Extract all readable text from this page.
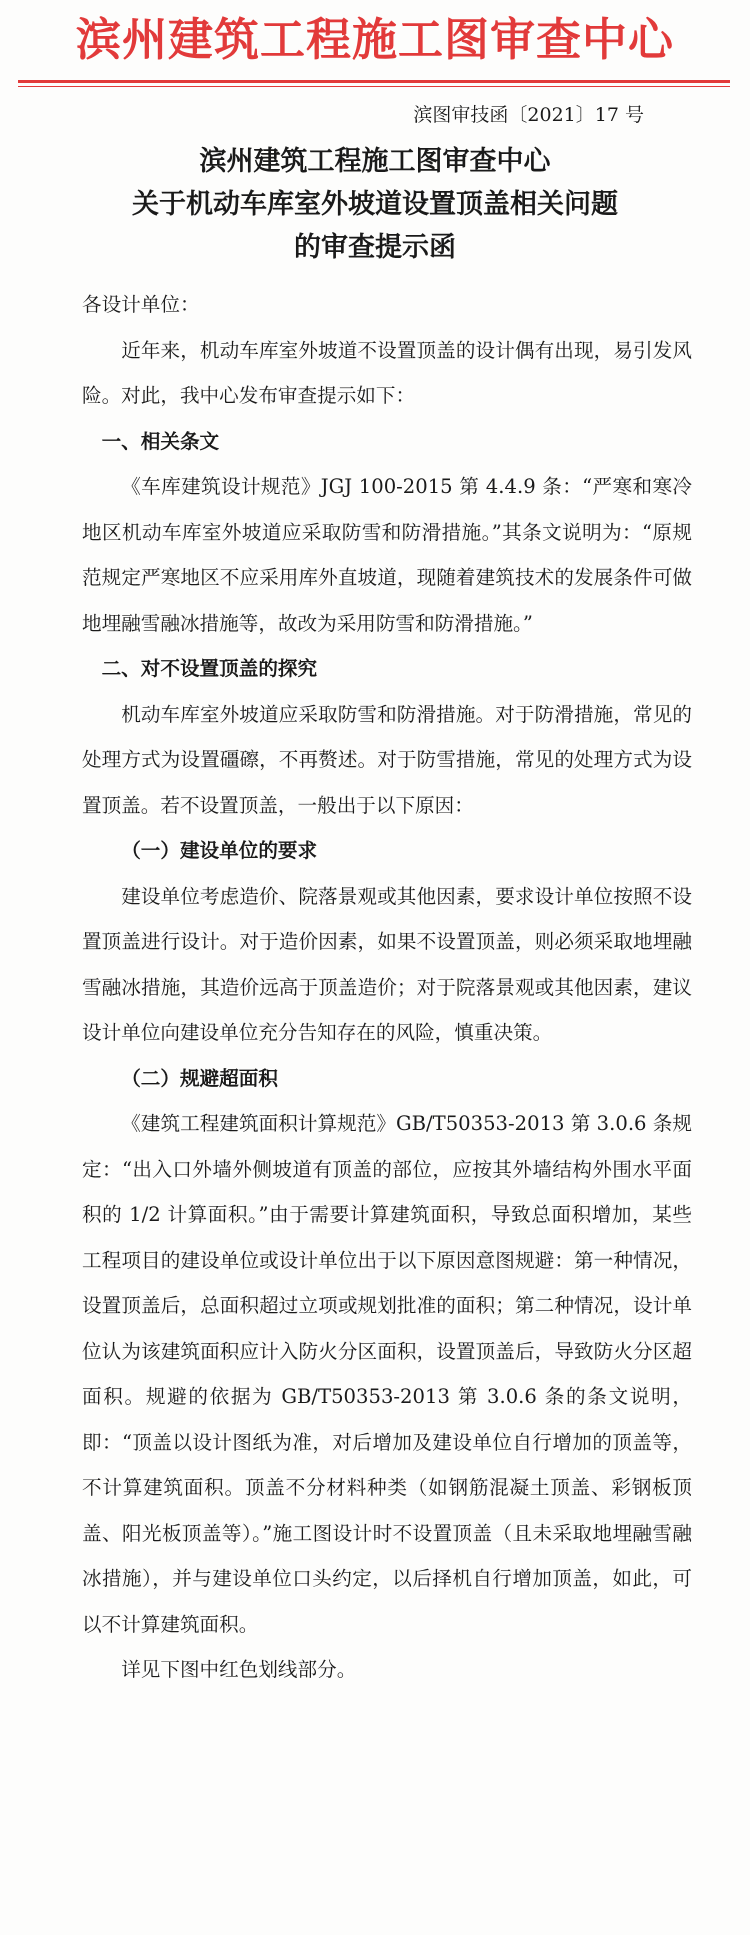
滨州建筑工程施工图审查中心
滨图审技函〔2021〕17 号
滨州建筑工程施工图审查中心
关于机动车库室外坡道设置顶盖相关问题
的审查提示函

各设计单位：

近年来，机动车库室外坡道不设置顶盖的设计偶有出现，易引发风险。对此，我中心发布审查提示如下：

一、相关条文

《车库建筑设计规范》JGJ 100-2015 第 4.4.9 条：“严寒和寒冷地区机动车库室外坡道应采取防雪和防滑措施。”其条文说明为：“原规范规定严寒地区不应采用库外直坡道，现随着建筑技术的发展条件可做地埋融雪融冰措施等，故改为采用防雪和防滑措施。”

二、对不设置顶盖的探究

机动车库室外坡道应采取防雪和防滑措施。对于防滑措施，常见的处理方式为设置礓䃰，不再赘述。对于防雪措施，常见的处理方式为设置顶盖。若不设置顶盖，一般出于以下原因：

（一）建设单位的要求

建设单位考虑造价、院落景观或其他因素，要求设计单位按照不设置顶盖进行设计。对于造价因素，如果不设置顶盖，则必须采取地埋融雪融冰措施，其造价远高于顶盖造价；对于院落景观或其他因素，建议设计单位向建设单位充分告知存在的风险，慎重决策。

（二）规避超面积

《建筑工程建筑面积计算规范》GB/T50353-2013 第 3.0.6 条规定：“出入口外墙外侧坡道有顶盖的部位，应按其外墙结构外围水平面积的 1/2 计算面积。”由于需要计算建筑面积，导致总面积增加，某些工程项目的建设单位或设计单位出于以下原因意图规避：第一种情况，设置顶盖后，总面积超过立项或规划批准的面积；第二种情况，设计单位认为该建筑面积应计入防火分区面积，设置顶盖后，导致防火分区超面积。规避的依据为 GB/T50353-2013 第 3.0.6 条的条文说明，即：“顶盖以设计图纸为准，对后增加及建设单位自行增加的顶盖等，不计算建筑面积。顶盖不分材料种类（如钢筋混凝土顶盖、彩钢板顶盖、阳光板顶盖等）。”施工图设计时不设置顶盖（且未采取地埋融雪融冰措施），并与建设单位口头约定，以后择机自行增加顶盖，如此，可以不计算建筑面积。

详见下图中红色划线部分。
